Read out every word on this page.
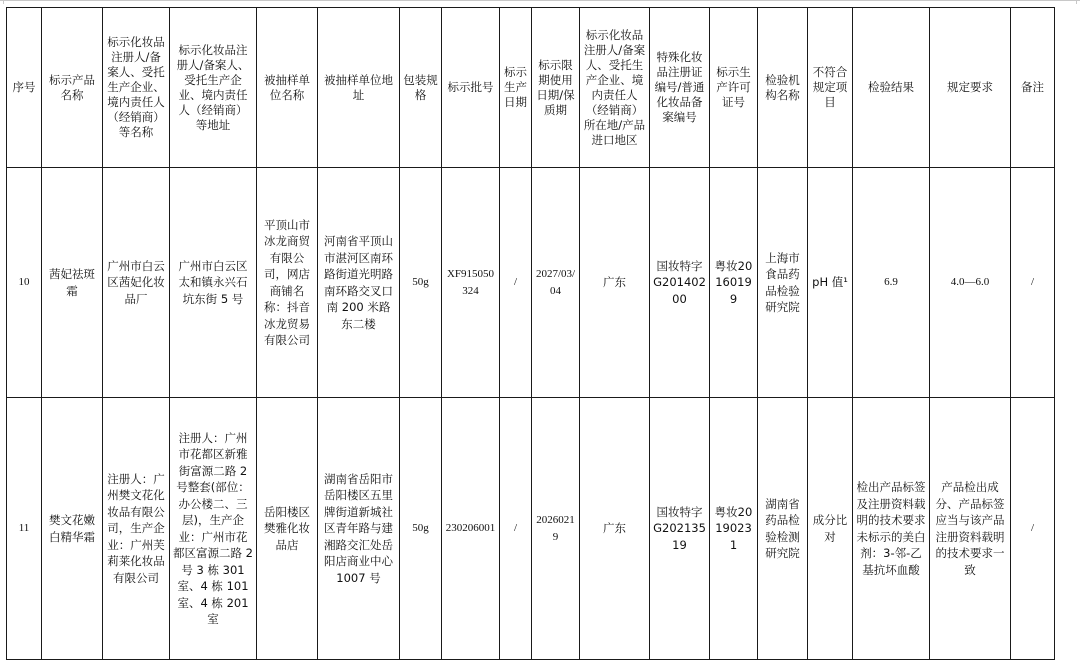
序号	标示产品名称	标示化妆品注册人/备案人、受托生产企业、境内责任人（经销商）等名称	标示化妆品注册人/备案人、受托生产企业、境内责任人（经销商）等地址	被抽样单位名称	被抽样单位地址	包装规格	标示批号	标示生产日期	标示限期使用日期/保质期	标示化妆品注册人/备案人、受托生产企业、境内责任人（经销商）所在地/产品进口地区	特殊化妆品注册证编号/普通化妆品备案编号	标示生产许可证号	检验机构名称	不符合规定项目	检验结果	规定要求	备注
10	茜妃祛斑霜	广州市白云区茜妃化妆品厂	广州市白云区太和镇永兴石坑东街 5 号	平顶山市冰龙商贸有限公司，网店商铺名称：抖音冰龙贸易有限公司	河南省平顶山市湛河区南环路街道光明路南环路交叉口南 200 米路东二楼	50g	XF915050324	/	2027/03/04	广东	国妆特字G20140200	粤妆20160199	上海市食品药品检验研究院	pH 值¹	6.9	4.0—6.0	/
11	樊文花嫩白精华霜	注册人：广州樊文花化妆品有限公司，生产企业：广州芙莉莱化妆品有限公司	注册人：广州市花都区新雅街富源二路 2 号整套(部位：办公楼二、三层)，生产企业：广州市花都区富源二路 2 号 3 栋 301 室、4 栋 101 室、4 栋 201 室	岳阳楼区樊雅化妆品店	湖南省岳阳市岳阳楼区五里牌街道新城社区青年路与建湘路交汇处岳阳店商业中心 1007 号	50g	230206001	/	20260219	广东	国妆特字G20213519	粤妆20190231	湖南省药品检验检测研究院	成分比对	检出产品标签及注册资料载明的技术要求未标示的美白剂：3-邻-乙基抗坏血酸	产品检出成分、产品标签应当与该产品注册资料载明的技术要求一致	/
